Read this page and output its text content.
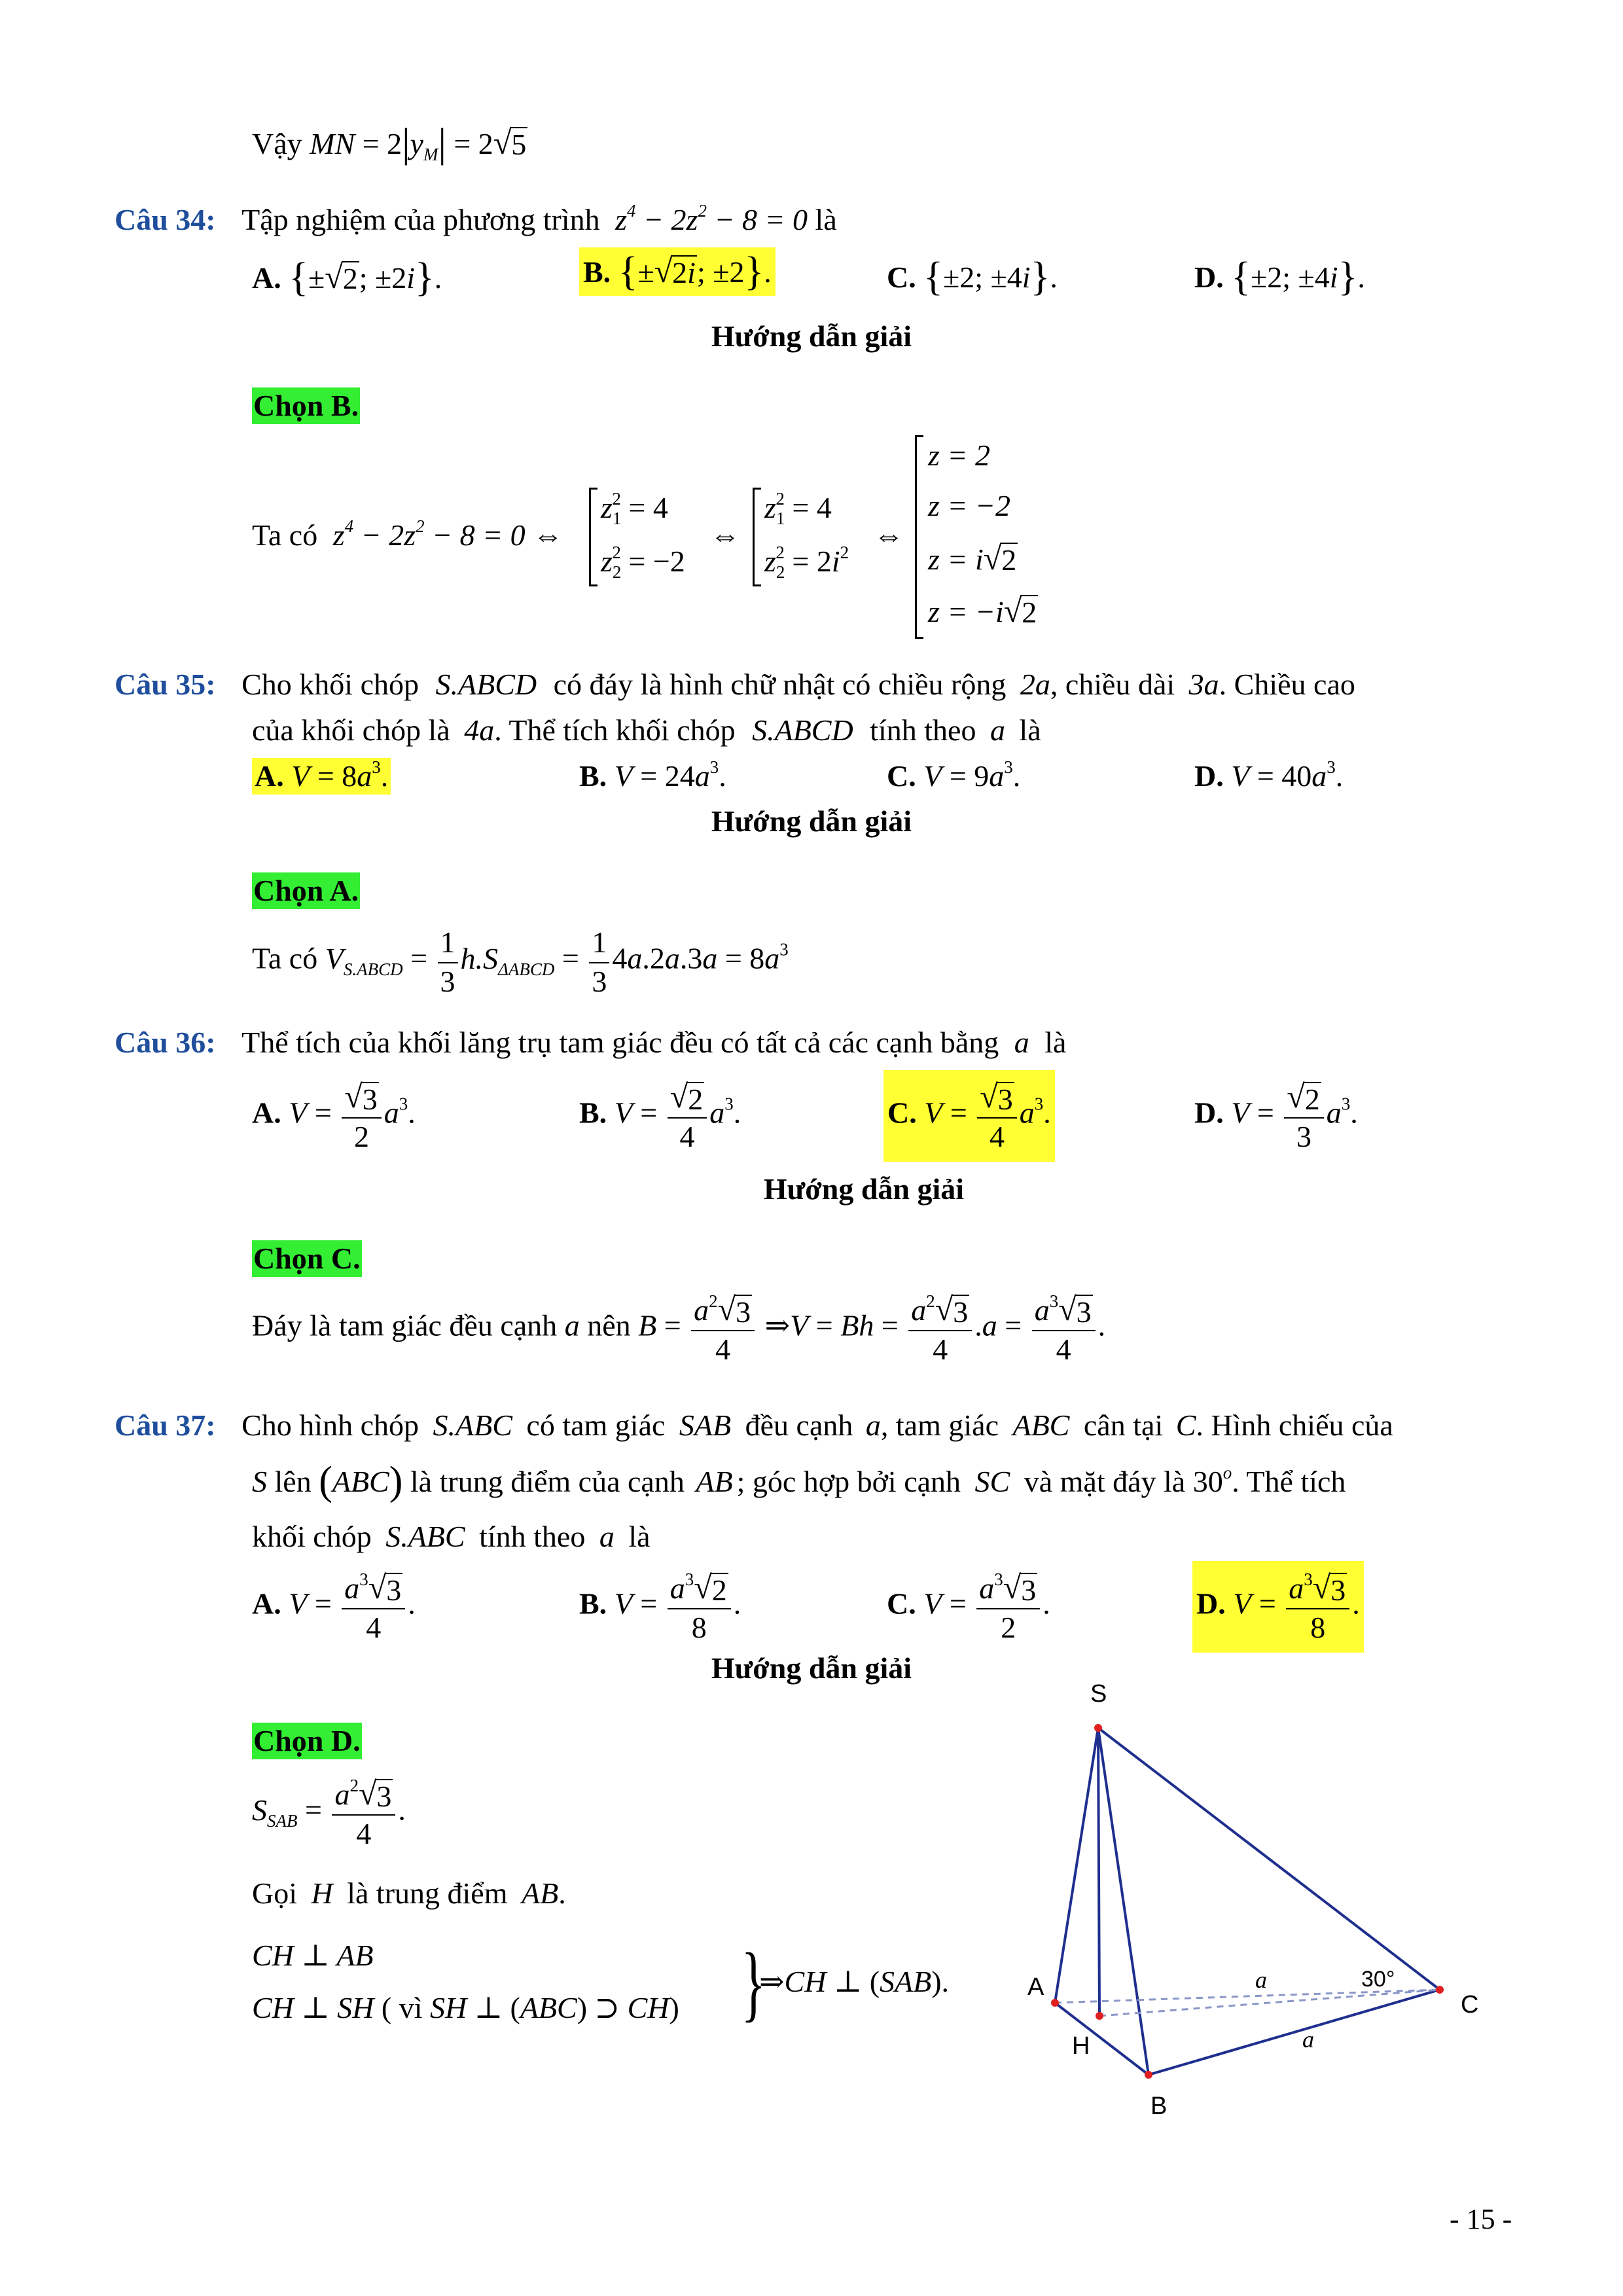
Vậy MN = $2|y_M| = 2$ √ 5
Câu 34: Tập nghiệm của phương trình $z^4 - 2z^2 - 8 = 0$ là
A. {± √ 2 ; ±2i}.	B. {± √ 2i ; ±2}.	C. {±2; ±4i}.	D. {±2; ±4i}.
Hướng dẫn giải
Chọn B.
Ta có $z^4 - 2z^2 - 8 = 0$ ⇔
$z_1^2 = 4$
$z_2^2 = -2$
⇔
$z_1^2 = 4$
$z_2^2 = 2i^2$
⇔
z = 2
z = −2
z = i √ 2
z = −i √ 2
Câu 35: Cho khối chóp S.ABCD có đáy là hình chữ nhật có chiều rộng 2a, chiều dài 3a. Chiều cao
của khối chóp là 4a. Thể tích khối chóp S.ABCD tính theo a là
A. $V = 8a^3$.	B. $V = 24a^3$.	C. $V = 9a^3$.	D. $V = 40a^3$.
Hướng dẫn giải
Chọn A.
Ta có $V_{S.ABCD} = \frac{1}{3} h.S_{\Delta ABCD} = \frac{1}{3} 4a.2a.3a = 8a^3$
Câu 36: Thể tích của khối lăng trụ tam giác đều có tất cả các cạnh bằng a là
A. $V = \frac{√ 3}{2} a^3$.	B. $V = \frac{√ 2}{4} a^3$.	C. $V = \frac{√ 3}{4} a^3$.	D. $V = \frac{√ 2}{3} a^3$.
Hướng dẫn giải
Chọn C.
Đáy là tam giác đều cạnh a nên $B = \frac{a^2 √ 3}{4}$ ⇒V = $Bh = \frac{a^2 √ 3}{4} .a = \frac{a^3 √ 3}{4}$ .
Câu 37: Cho hình chóp S.ABC có tam giác SAB đều cạnh a, tam giác ABC cân tại C. Hình chiếu của
S lên (ABC) là trung điểm của cạnh AB ; góc hợp bởi cạnh SC và mặt đáy là 30$^o$. Thể tích
khối chóp S.ABC tính theo a là
A. $V = \frac{a^3 √ 3}{4}$ .	B. $V = \frac{a^3 √ 2}{8}$ .	C. $V = \frac{a^3 √ 3}{2}$ .	D. $V = \frac{a^3 √ 3}{8}$ .
Hướng dẫn giải
Chọn D.
$S_{SAB} = \frac{a^2 √ 3}{4}$ .
Gọi H là trung điểm AB.
CH ⊥ AB
CH ⊥ SH ( vì SH ⊥ (ABC) ⊃ CH) }
⇒CH ⊥ (SAB).
S
A
H
B
C
30°
a
a
- 15 -
